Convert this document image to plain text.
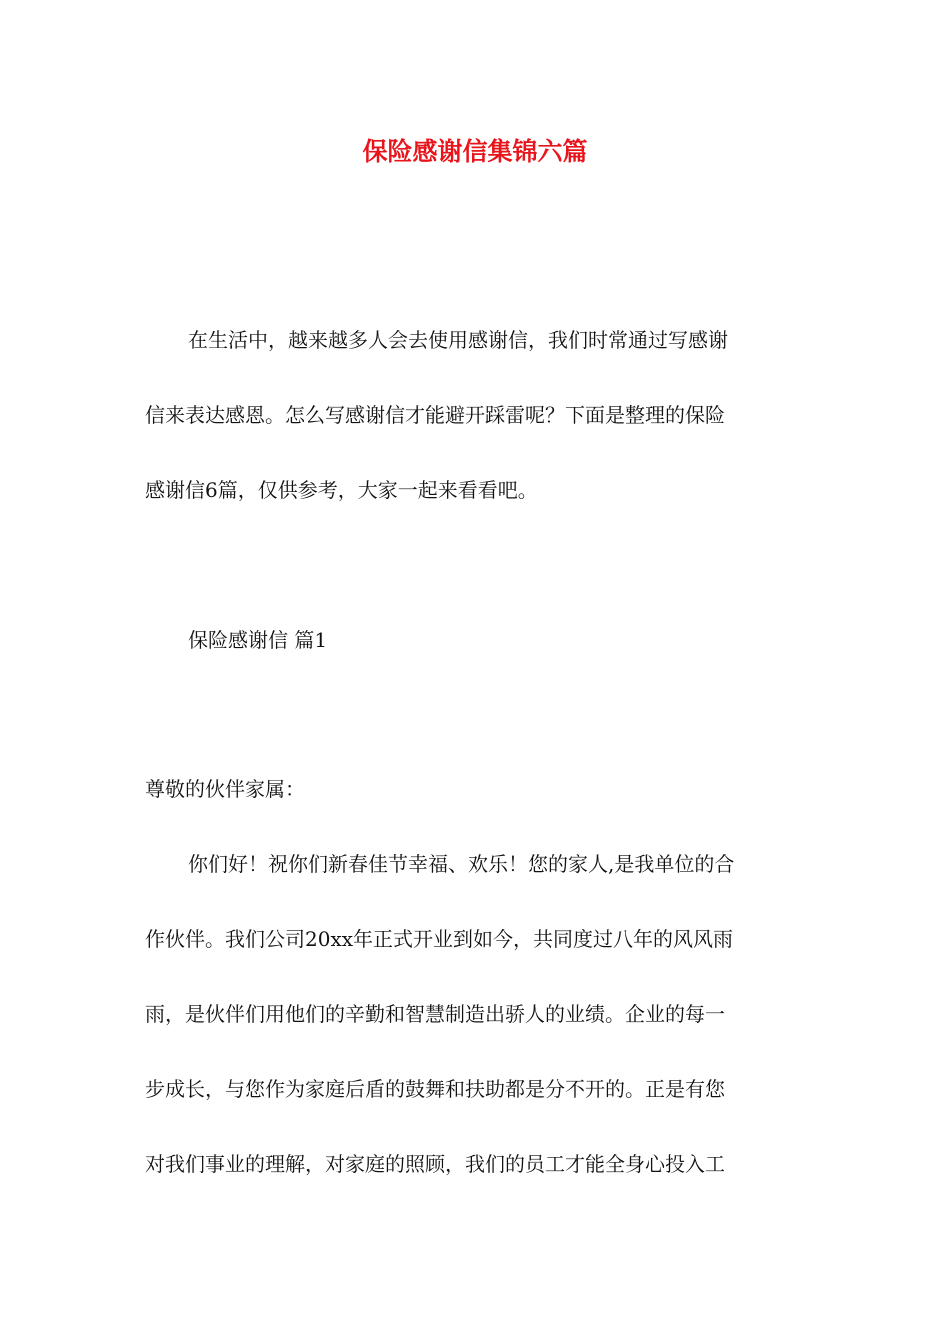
保险感谢信集锦六篇

在生活中，越来越多人会去使用感谢信，我们时常通过写感谢

信来表达感恩。怎么写感谢信才能避开踩雷呢？下面是整理的保险

感谢信6篇，仅供参考，大家一起来看看吧。

保险感谢信 篇1

尊敬的伙伴家属：

你们好！祝你们新春佳节幸福、欢乐！您的家人,是我单位的合

作伙伴。我们公司20xx年正式开业到如今，共同度过八年的风风雨

雨，是伙伴们用他们的辛勤和智慧制造出骄人的业绩。企业的每一

步成长，与您作为家庭后盾的鼓舞和扶助都是分不开的。正是有您

对我们事业的理解，对家庭的照顾，我们的员工才能全身心投入工
